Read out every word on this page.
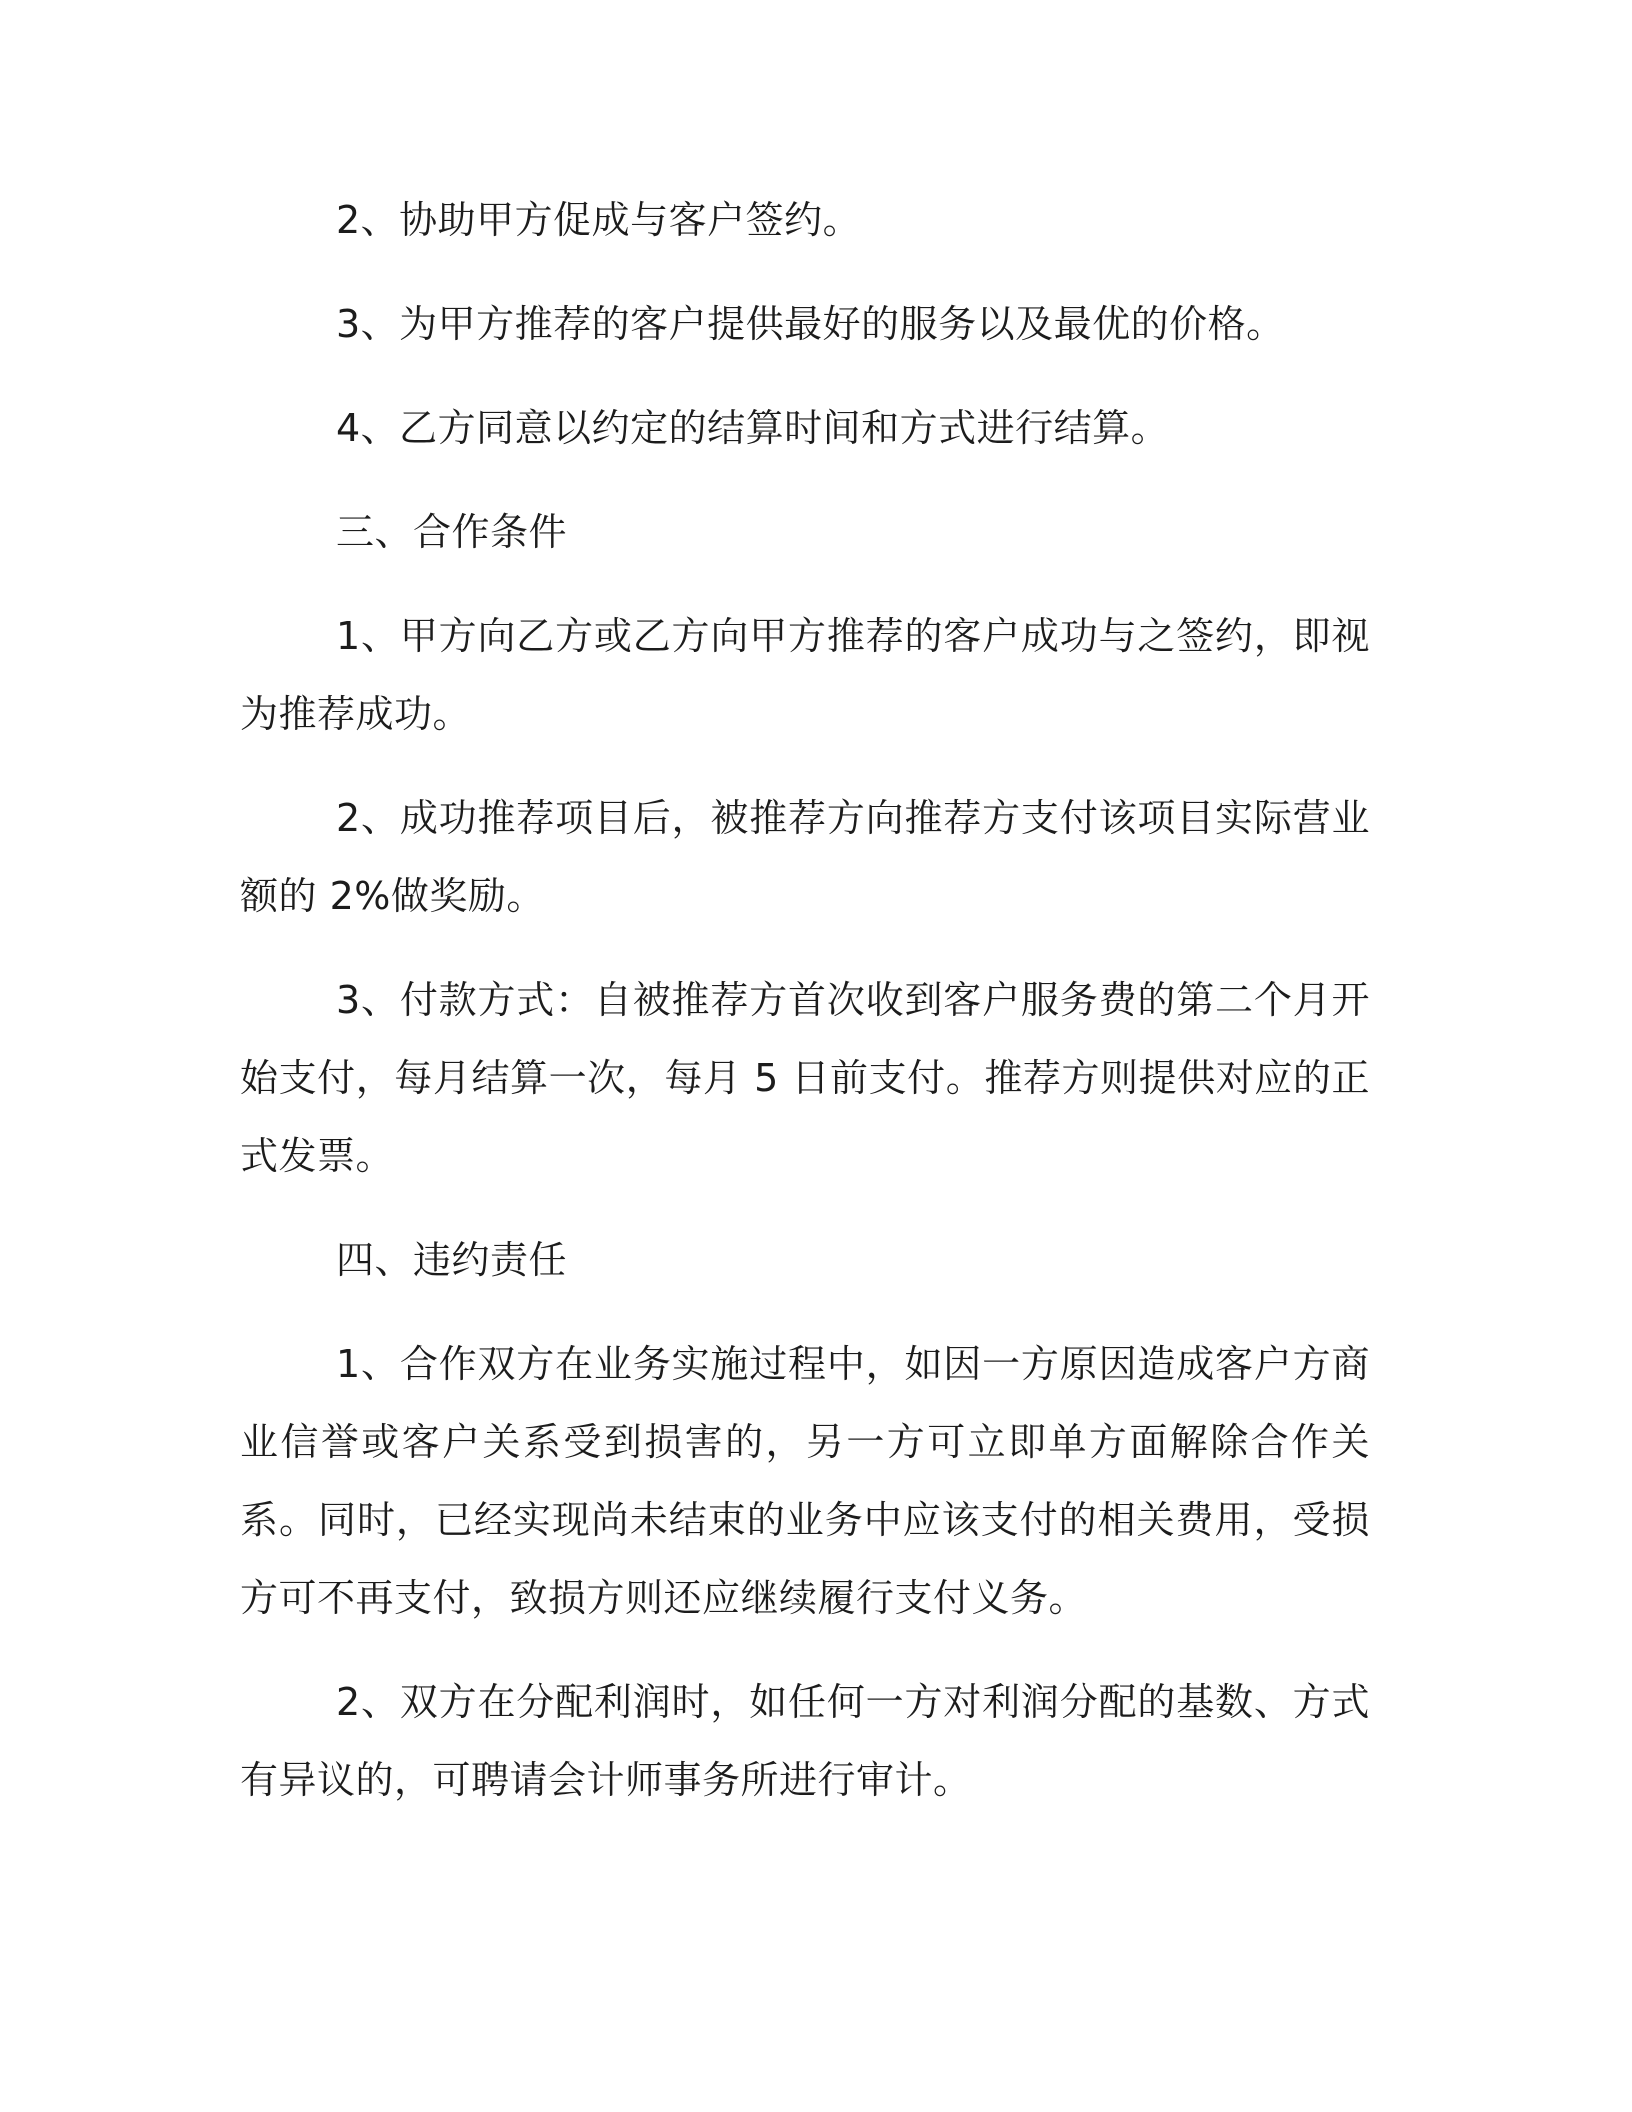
2、协助甲方促成与客户签约。

3、为甲方推荐的客户提供最好的服务以及最优的价格。

4、乙方同意以约定的结算时间和方式进行结算。

三、合作条件

1、甲方向乙方或乙方向甲方推荐的客户成功与之签约，即视为推荐成功。

2、成功推荐项目后，被推荐方向推荐方支付该项目实际营业额的 2%做奖励。

3、付款方式：自被推荐方首次收到客户服务费的第二个月开始支付，每月结算一次，每月 5 日前支付。推荐方则提供对应的正式发票。

四、违约责任

1、合作双方在业务实施过程中，如因一方原因造成客户方商业信誉或客户关系受到损害的，另一方可立即单方面解除合作关系。同时，已经实现尚未结束的业务中应该支付的相关费用，受损方可不再支付，致损方则还应继续履行支付义务。

2、双方在分配利润时，如任何一方对利润分配的基数、方式有异议的，可聘请会计师事务所进行审计。
